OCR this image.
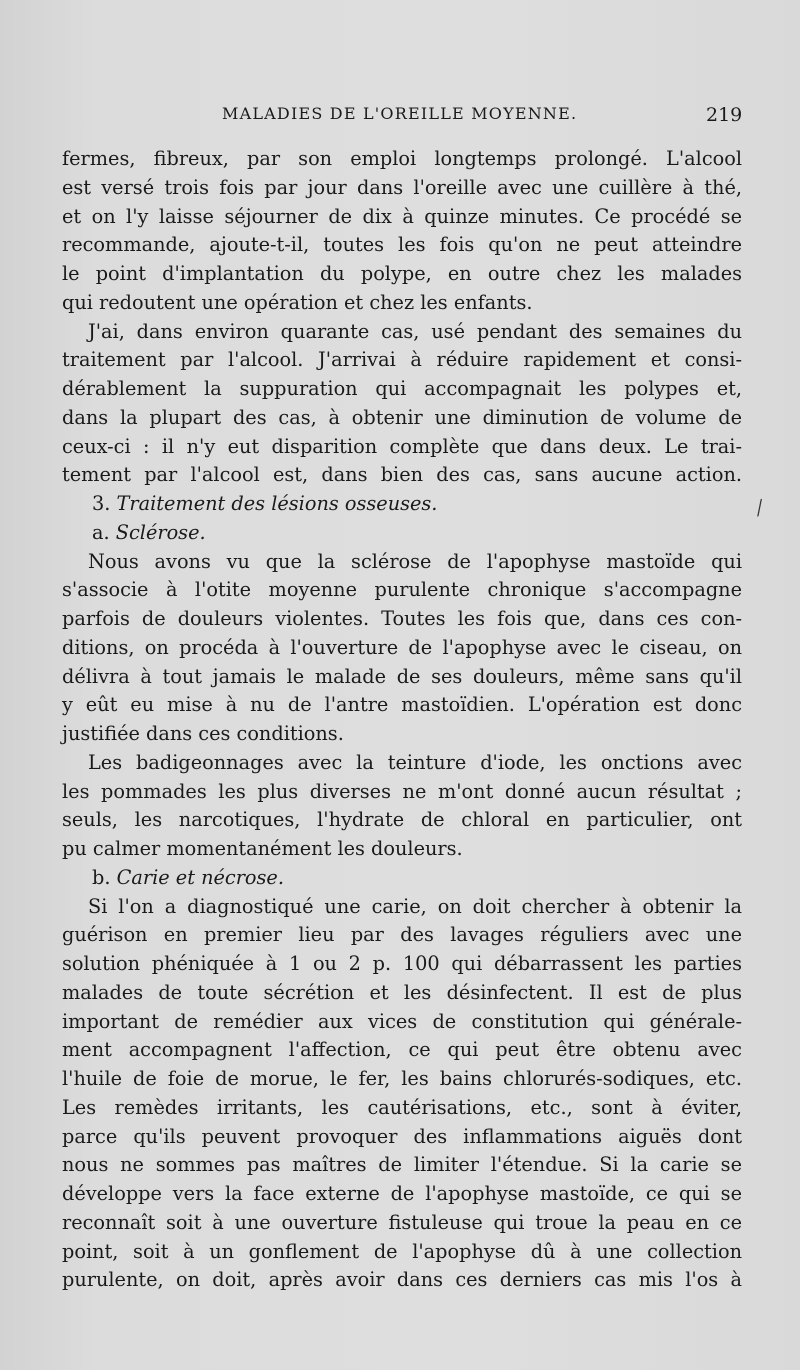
MALADIES DE L'OREILLE MOYENNE.	219
fermes, fibreux, par son emploi longtemps prolongé. L'alcool
est versé trois fois par jour dans l'oreille avec une cuillère à thé,
et on l'y laisse séjourner de dix à quinze minutes. Ce procédé se
recommande, ajoute-t-il, toutes les fois qu'on ne peut atteindre
le point d'implantation du polype, en outre chez les malades
qui redoutent une opération et chez les enfants.
J'ai, dans environ quarante cas, usé pendant des semaines du
traitement par l'alcool. J'arrivai à réduire rapidement et consi-
dérablement la suppuration qui accompagnait les polypes et,
dans la plupart des cas, à obtenir une diminution de volume de
ceux-ci : il n'y eut disparition complète que dans deux. Le trai-
tement par l'alcool est, dans bien des cas, sans aucune action.
3. Traitement des lésions osseuses.
a. Sclérose.
Nous avons vu que la sclérose de l'apophyse mastoïde qui
s'associe à l'otite moyenne purulente chronique s'accompagne
parfois de douleurs violentes. Toutes les fois que, dans ces con-
ditions, on procéda à l'ouverture de l'apophyse avec le ciseau, on
délivra à tout jamais le malade de ses douleurs, même sans qu'il
y eût eu mise à nu de l'antre mastoïdien. L'opération est donc
justifiée dans ces conditions.
Les badigeonnages avec la teinture d'iode, les onctions avec
les pommades les plus diverses ne m'ont donné aucun résultat ;
seuls, les narcotiques, l'hydrate de chloral en particulier, ont
pu calmer momentanément les douleurs.
b. Carie et nécrose.
Si l'on a diagnostiqué une carie, on doit chercher à obtenir la
guérison en premier lieu par des lavages réguliers avec une
solution phéniquée à 1 ou 2 p. 100 qui débarrassent les parties
malades de toute sécrétion et les désinfectent. Il est de plus
important de remédier aux vices de constitution qui générale-
ment accompagnent l'affection, ce qui peut être obtenu avec
l'huile de foie de morue, le fer, les bains chlorurés-sodiques, etc.
Les remèdes irritants, les cautérisations, etc., sont à éviter,
parce qu'ils peuvent provoquer des inflammations aiguës dont
nous ne sommes pas maîtres de limiter l'étendue. Si la carie se
développe vers la face externe de l'apophyse mastoïde, ce qui se
reconnaît soit à une ouverture fistuleuse qui troue la peau en ce
point, soit à un gonflement de l'apophyse dû à une collection
purulente, on doit, après avoir dans ces derniers cas mis l'os à
⁄
